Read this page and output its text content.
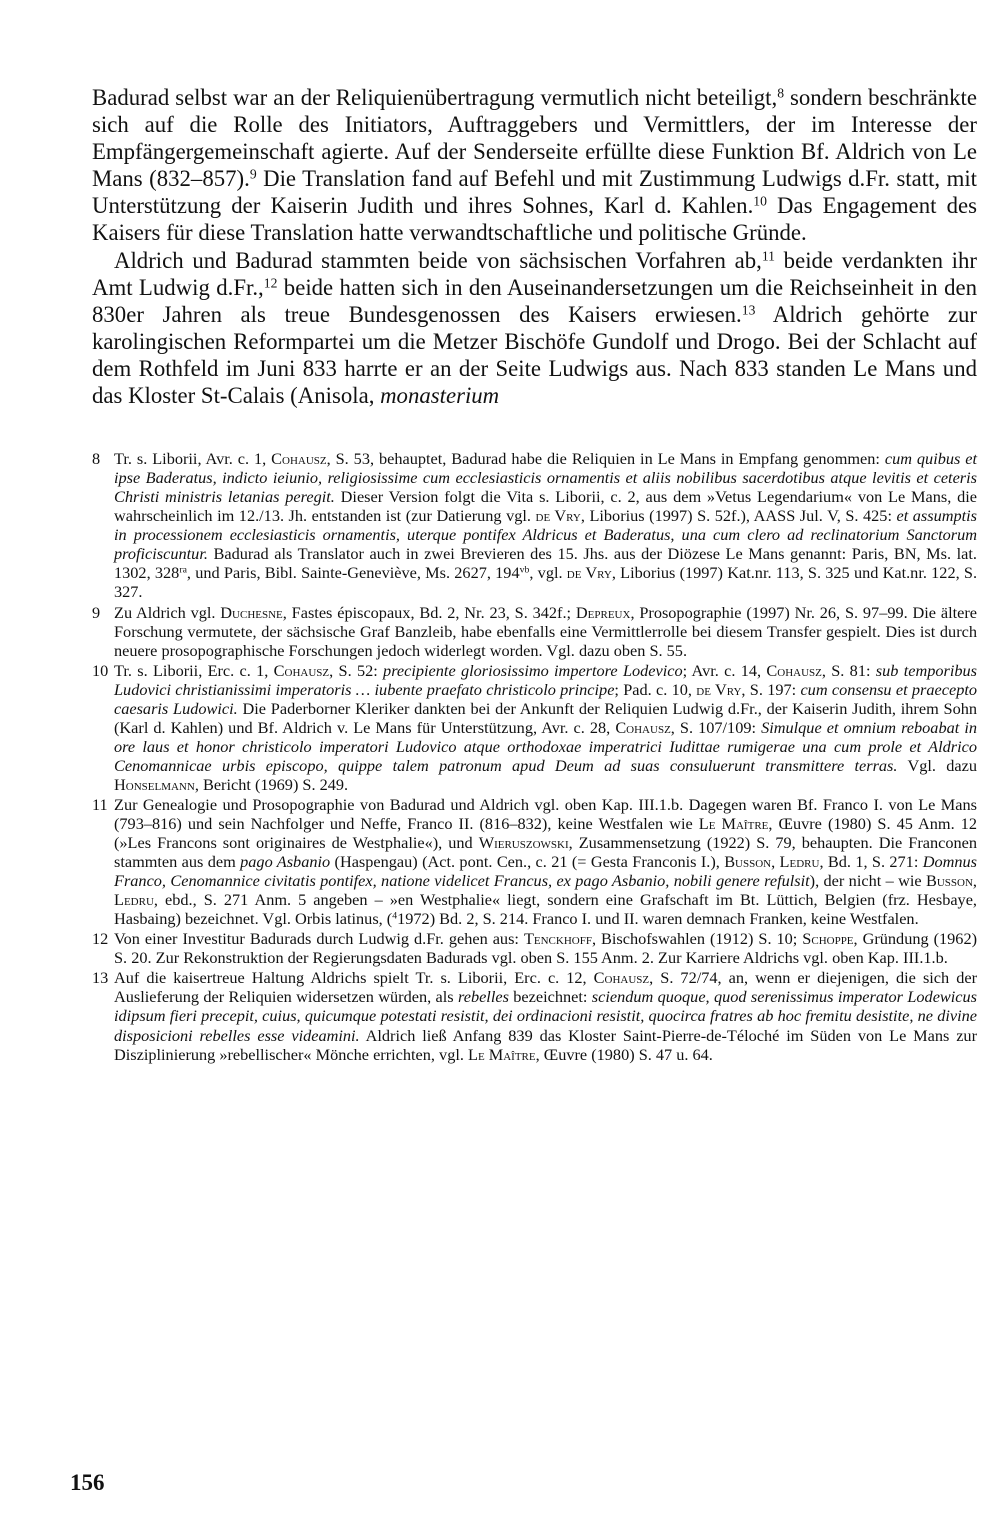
Badurad selbst war an der Reliquienübertragung vermutlich nicht beteiligt,$^8$ sondern beschränkte sich auf die Rolle des Initiators, Auftraggebers und Vermittlers, der im Interesse der Empfängergemeinschaft agierte. Auf der Senderseite erfüllte diese Funktion Bf. Aldrich von Le Mans (832–857).$^9$ Die Translation fand auf Befehl und mit Zustimmung Ludwigs d.Fr. statt, mit Unterstützung der Kaiserin Judith und ihres Sohnes, Karl d. Kahlen.$^{10}$ Das Engagement des Kaisers für diese Translation hatte verwandtschaftliche und politische Gründe.

Aldrich und Badurad stammten beide von sächsischen Vorfahren ab,$^{11}$ beide verdankten ihr Amt Ludwig d.Fr.,$^{12}$ beide hatten sich in den Auseinandersetzungen um die Reichseinheit in den 830er Jahren als treue Bundesgenossen des Kaisers erwiesen.$^{13}$ Aldrich gehörte zur karolingischen Reformpartei um die Metzer Bischöfe Gundolf und Drogo. Bei der Schlacht auf dem Rothfeld im Juni 833 harrte er an der Seite Ludwigs aus. Nach 833 standen Le Mans und das Kloster St-Calais (Anisola, monasterium

8 Tr. s. Liborii, Avr. c. 1, Cohausz, S. 53, behauptet, Badurad habe die Reliquien in Le Mans in Empfang genommen: cum quibus et ipse Baderatus, indicto ieiunio, religiosissime cum ecclesiasticis ornamentis et aliis nobilibus sacerdotibus atque levitis et ceteris Christi ministris letanias peregit. Dieser Version folgt die Vita s. Liborii, c. 2, aus dem »Vetus Legendarium« von Le Mans, die wahrscheinlich im 12./13. Jh. entstanden ist (zur Datierung vgl. de Vry, Liborius (1997) S. 52f.), AASS Jul. V, S. 425: et assumptis in processionem ecclesiasticis ornamentis, uterque pontifex Aldricus et Baderatus, una cum clero ad reclinatorium Sanctorum proficiscuntur. Badurad als Translator auch in zwei Brevieren des 15. Jhs. aus der Diözese Le Mans genannt: Paris, BN, Ms. lat. 1302, $328^{ra}$, und Paris, Bibl. Sainte-Geneviève, Ms. 2627, $194^{vb}$, vgl. de Vry, Liborius (1997) Kat.nr. 113, S. 325 und Kat.nr. 122, S. 327.
9 Zu Aldrich vgl. Duchesne, Fastes épiscopaux, Bd. 2, Nr. 23, S. 342f.; Depreux, Prosopographie (1997) Nr. 26, S. 97–99. Die ältere Forschung vermutete, der sächsische Graf Banzleib, habe ebenfalls eine Vermittlerrolle bei diesem Transfer gespielt. Dies ist durch neuere prosopographische Forschungen jedoch widerlegt worden. Vgl. dazu oben S. 55.
10 Tr. s. Liborii, Erc. c. 1, Cohausz, S. 52: precipiente gloriosissimo impertore Lodevico; Avr. c. 14, Cohausz, S. 81: sub temporibus Ludovici christianissimi imperatoris … iubente praefato christicolo principe; Pad. c. 10, de Vry, S. 197: cum consensu et praecepto caesaris Ludowici. Die Paderborner Kleriker dankten bei der Ankunft der Reliquien Ludwig d.Fr., der Kaiserin Judith, ihrem Sohn (Karl d. Kahlen) und Bf. Aldrich v. Le Mans für Unterstützung, Avr. c. 28, Cohausz, S. 107/109: Simulque et omnium reboabat in ore laus et honor christicolo imperatori Ludovico atque orthodoxae imperatrici Iudittae rumigerae una cum prole et Aldrico Cenomannicae urbis episcopo, quippe talem patronum apud Deum ad suas consuluerunt transmittere terras. Vgl. dazu Honselmann, Bericht (1969) S. 249.
11 Zur Genealogie und Prosopographie von Badurad und Aldrich vgl. oben Kap. III.1.b. Dagegen waren Bf. Franco I. von Le Mans (793–816) und sein Nachfolger und Neffe, Franco II. (816–832), keine Westfalen wie Le Maître, Œuvre (1980) S. 45 Anm. 12 (»Les Francons sont originaires de Westphalie«), und Wieruszowski, Zusammensetzung (1922) S. 79, behaupten. Die Franconen stammten aus dem pago Asbanio (Haspengau) (Act. pont. Cen., c. 21 (= Gesta Franconis I.), Busson, Ledru, Bd. 1, S. 271: Domnus Franco, Cenomannice civitatis pontifex, natione videlicet Francus, ex pago Asbanio, nobili genere refulsit), der nicht – wie Busson, Ledru, ebd., S. 271 Anm. 5 angeben – »en Westphalie« liegt, sondern eine Grafschaft im Bt. Lüttich, Belgien (frz. Hesbaye, Hasbaing) bezeichnet. Vgl. Orbis latinus, ($^4$1972) Bd. 2, S. 214. Franco I. und II. waren demnach Franken, keine Westfalen.
12 Von einer Investitur Badurads durch Ludwig d.Fr. gehen aus: Tenckhoff, Bischofswahlen (1912) S. 10; Schoppe, Gründung (1962) S. 20. Zur Rekonstruktion der Regierungsdaten Badurads vgl. oben S. 155 Anm. 2. Zur Karriere Aldrichs vgl. oben Kap. III.1.b.
13 Auf die kaisertreue Haltung Aldrichs spielt Tr. s. Liborii, Erc. c. 12, Cohausz, S. 72/74, an, wenn er diejenigen, die sich der Auslieferung der Reliquien widersetzen würden, als rebelles bezeichnet: sciendum quoque, quod serenissimus imperator Lodewicus idipsum fieri precepit, cuius, quicumque potestati resistit, dei ordinacioni resistit, quocirca fratres ab hoc fremitu desistite, ne divine disposicioni rebelles esse videamini. Aldrich ließ Anfang 839 das Kloster Saint-Pierre-de-Téloché im Süden von Le Mans zur Disziplinierung »rebellischer« Mönche errichten, vgl. Le Maître, Œuvre (1980) S. 47 u. 64.
156
